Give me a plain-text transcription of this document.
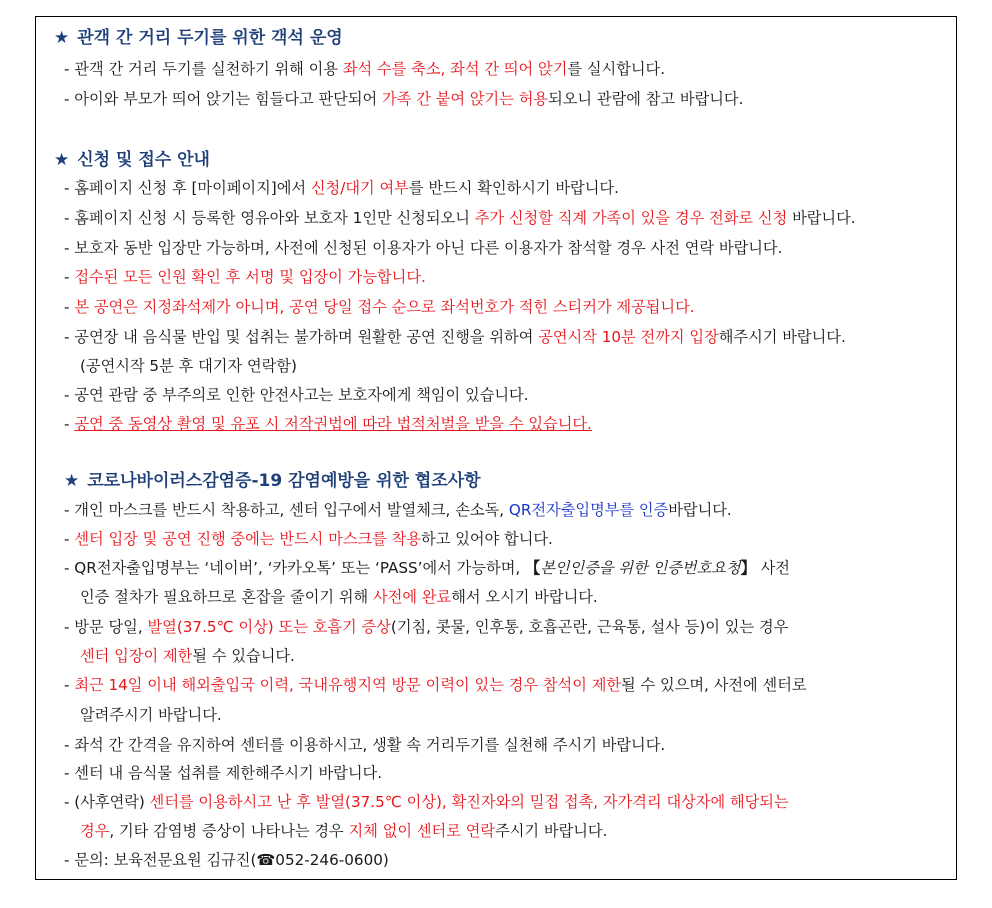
★ 관객 간 거리 두기를 위한 객석 운영
- 관객 간 거리 두기를 실천하기 위해 이용 좌석 수를 축소, 좌석 간 띄어 앉기를 실시합니다.
- 아이와 부모가 띄어 앉기는 힘들다고 판단되어 가족 간 붙여 앉기는 허용되오니 관람에 참고 바랍니다.
★ 신청 및 접수 안내
- 홈페이지 신청 후 [마이페이지]에서 신청/대기 여부를 반드시 확인하시기 바랍니다.
- 홈페이지 신청 시 등록한 영유아와 보호자 1인만 신청되오니 추가 신청할 직계 가족이 있을 경우 전화로 신청 바랍니다.
- 보호자 동반 입장만 가능하며, 사전에 신청된 이용자가 아닌 다른 이용자가 참석할 경우 사전 연락 바랍니다.
- 접수된 모든 인원 확인 후 서명 및 입장이 가능합니다.
- 본 공연은 지정좌석제가 아니며, 공연 당일 접수 순으로 좌석번호가 적힌 스티커가 제공됩니다.
- 공연장 내 음식물 반입 및 섭취는 불가하며 원활한 공연 진행을 위하여 공연시작 10분 전까지 입장해주시기 바랍니다.
(공연시작 5분 후 대기자 연락함)
- 공연 관람 중 부주의로 인한 안전사고는 보호자에게 책임이 있습니다.
- 공연 중 동영상 촬영 및 유포 시 저작권법에 따라 법적처벌을 받을 수 있습니다.
★ 코로나바이러스감염증-19 감염예방을 위한 협조사항
- 개인 마스크를 반드시 착용하고, 센터 입구에서 발열체크, 손소독, QR전자출입명부를 인증바랍니다.
- 센터 입장 및 공연 진행 중에는 반드시 마스크를 착용하고 있어야 합니다.
- QR전자출입명부는 ‘네이버’, ‘카카오톡’ 또는 ‘PASS’에서 가능하며, 【본인인증을 위한 인증번호요청】 사전
인증 절차가 필요하므로 혼잡을 줄이기 위해 사전에 완료해서 오시기 바랍니다.
- 방문 당일, 발열(37.5℃ 이상) 또는 호흡기 증상(기침, 콧물, 인후통, 호흡곤란, 근육통, 설사 등)이 있는 경우
센터 입장이 제한될 수 있습니다.
- 최근 14일 이내 해외출입국 이력, 국내유행지역 방문 이력이 있는 경우 참석이 제한될 수 있으며, 사전에 센터로
알려주시기 바랍니다.
- 좌석 간 간격을 유지하여 센터를 이용하시고, 생활 속 거리두기를 실천해 주시기 바랍니다.
- 센터 내 음식물 섭취를 제한해주시기 바랍니다.
- (사후연락) 센터를 이용하시고 난 후 발열(37.5℃ 이상), 확진자와의 밀접 접촉, 자가격리 대상자에 해당되는
경우, 기타 감염병 증상이 나타나는 경우 지체 없이 센터로 연락주시기 바랍니다.
- 문의: 보육전문요원 김규진(☎052-246-0600)
